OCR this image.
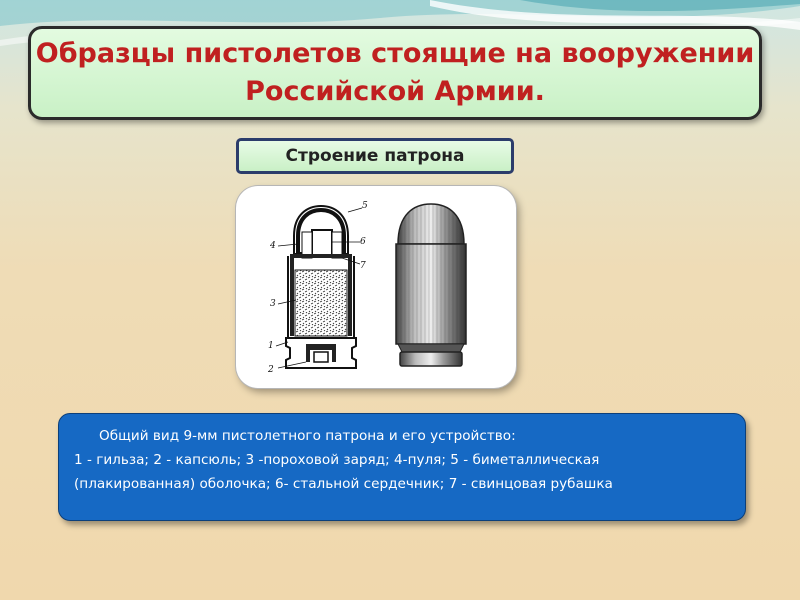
Образцы пистолетов стоящие на вооружении
Российской Армии.
Строение патрона
5
4	6
7
3
1
2
Общий вид 9-мм пистолетного патрона и его устройство:
1 - гильза; 2 - капсюль; 3 -пороховой заряд; 4-пуля; 5 - биметаллическая
(плакированная) оболочка; 6- стальной сердечник; 7 - свинцовая рубашка
